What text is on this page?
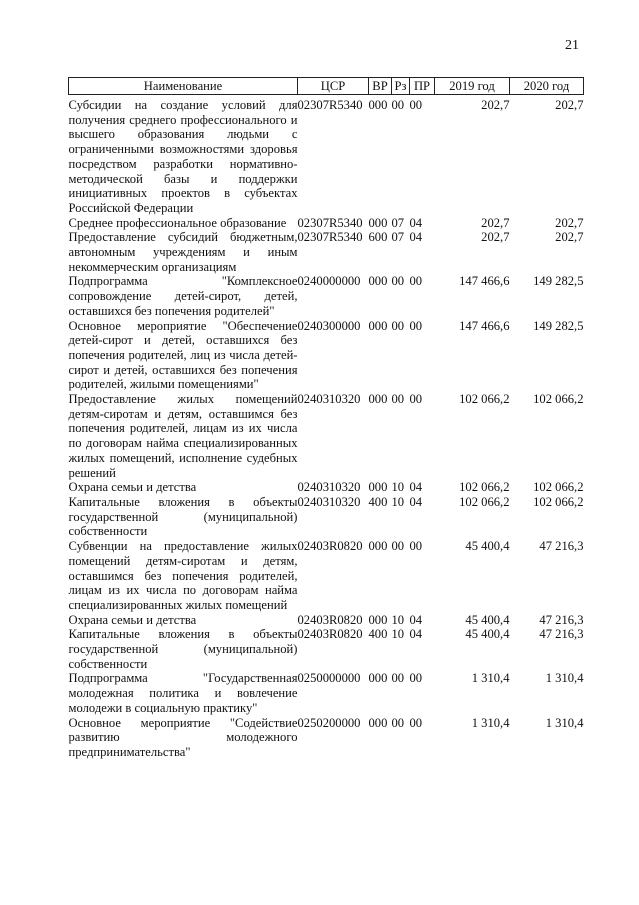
21
Наименование	ЦСР	ВР	Рз	ПР	2019 год	2020 год
Субсидии на создание условий для получения среднего профессионального и высшего образования людьми с ограниченными возможностями здоровья посредством разработки нормативно-методической базы и поддержки инициативных проектов в субъектах Российской Федерации	02307R5340	000	00	00	202,7	202,7
Среднее профессиональное образование	02307R5340	000	07	04	202,7	202,7
Предоставление субсидий бюджетным, автономным учреждениям и иным некоммерческим организациям	02307R5340	600	07	04	202,7	202,7
Подпрограмма "Комплексное сопровождение детей-сирот, детей, оставшихся без попечения родителей"	0240000000	000	00	00	147 466,6	149 282,5
Основное мероприятие "Обеспечение детей-сирот и детей, оставшихся без попечения родителей, лиц из числа детей-сирот и детей, оставшихся без попечения родителей, жилыми помещениями"	0240300000	000	00	00	147 466,6	149 282,5
Предоставление жилых помещений детям-сиротам и детям, оставшимся без попечения родителей, лицам из их числа по договорам найма специализированных жилых помещений, исполнение судебных решений	0240310320	000	00	00	102 066,2	102 066,2
Охрана семьи и детства	0240310320	000	10	04	102 066,2	102 066,2
Капитальные вложения в объекты государственной (муниципальной) собственности	0240310320	400	10	04	102 066,2	102 066,2
Субвенции на предоставление жилых помещений детям-сиротам и детям, оставшимся без попечения родителей, лицам из их числа по договорам найма специализированных жилых помещений	02403R0820	000	00	00	45 400,4	47 216,3
Охрана семьи и детства	02403R0820	000	10	04	45 400,4	47 216,3
Капитальные вложения в объекты государственной (муниципальной) собственности	02403R0820	400	10	04	45 400,4	47 216,3
Подпрограмма "Государственная молодежная политика и вовлечение молодежи в социальную практику"	0250000000	000	00	00	1 310,4	1 310,4
Основное мероприятие "Содействие развитию молодежного предпринимательства"	0250200000	000	00	00	1 310,4	1 310,4
